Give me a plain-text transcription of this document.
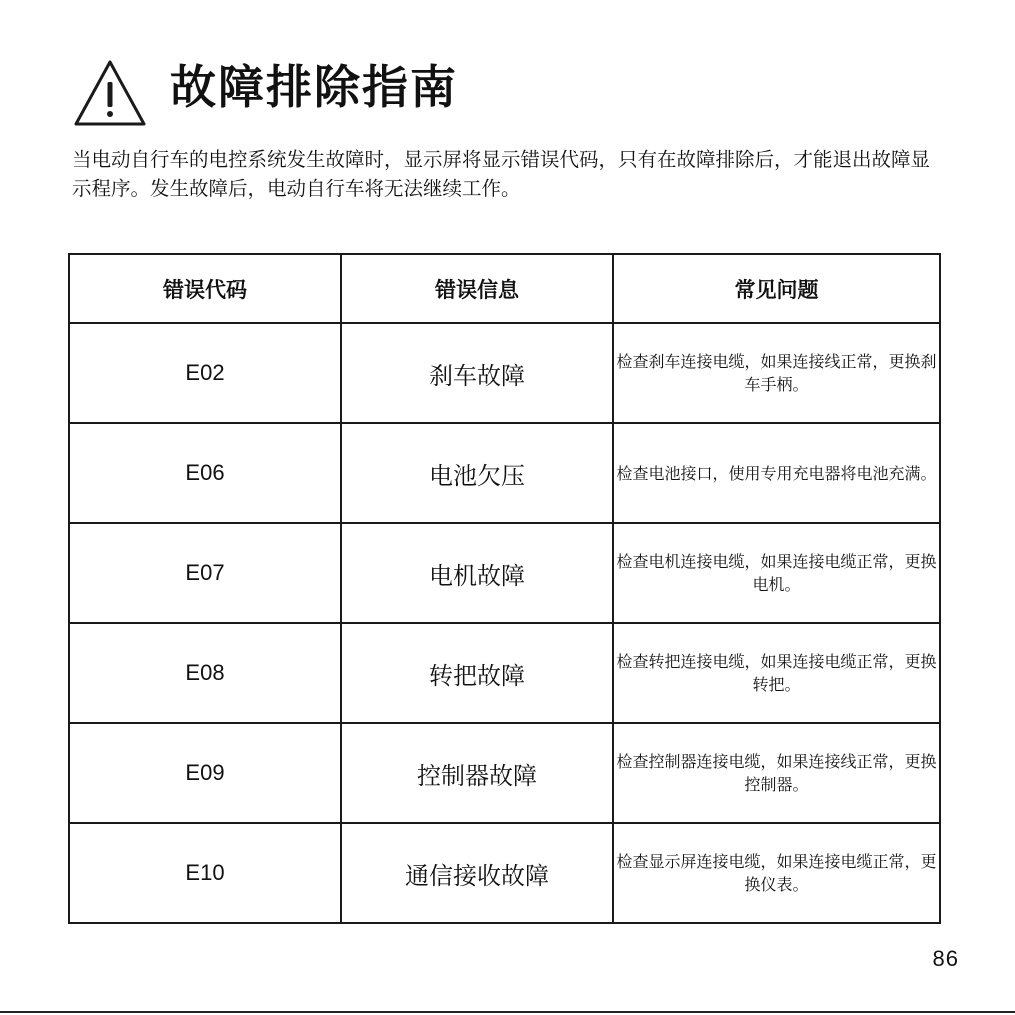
故障排除指南

当电动自行车的电控系统发生故障时，显示屏将显示错误代码，只有在故障排除后，才能退出故障显示程序。发生故障后，电动自行车将无法继续工作。

错误代码	错误信息	常见问题
E02	刹车故障	检查刹车连接电缆，如果连接线正常，更换刹车手柄。
E06	电池欠压	检查电池接口，使用专用充电器将电池充满。
E07	电机故障	检查电机连接电缆，如果连接电缆正常，更换电机。
E08	转把故障	检查转把连接电缆，如果连接电缆正常，更换转把。
E09	控制器故障	检查控制器连接电缆，如果连接线正常，更换控制器。
E10	通信接收故障	检查显示屏连接电缆，如果连接电缆正常，更换仪表。
86
